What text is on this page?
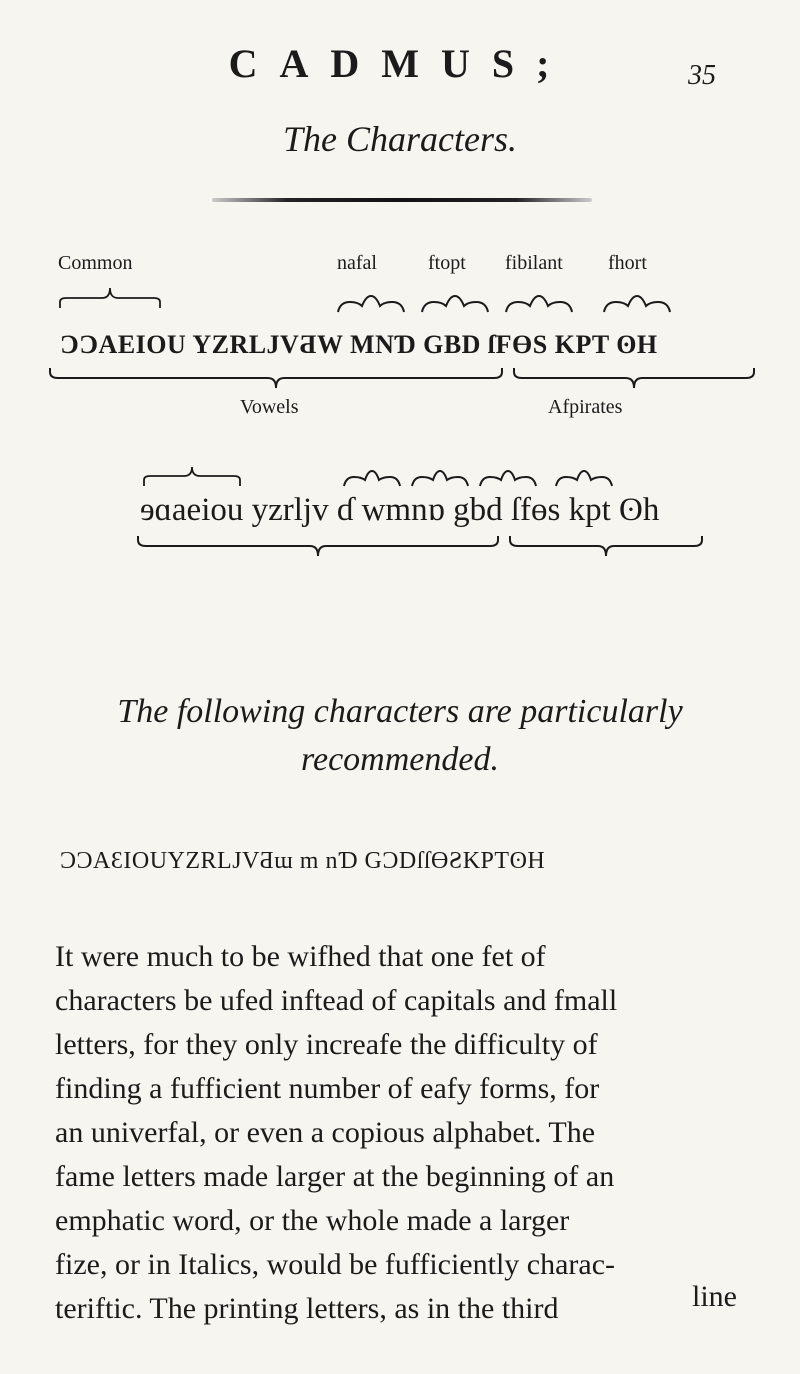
CADMUS;	35
The Characters.
Common	nafal	ftopt fibilant fhort
ƆƆAEIOU YZRLJVƋW MNƊ GBD ſFƟS KPT ʘH
Vowels	Afpirates
ɘɑaeiou yzrljv ɗ wmnɒ gbd ſfɵs kpt ʘh
The following characters are particularly
recommended.
ƆƆAƐIOUYZRLJVƋɯ m nƊ GƆDſſƟƧKPTʘH
It were much to be wifhed that one fet of
characters be ufed inftead of capitals and fmall
letters, for they only increafe the difficulty of
finding a fufficient number of eafy forms, for
an univerfal, or even a copious alphabet. The
fame letters made larger at the beginning of an
emphatic word, or the whole made a larger
fize, or in Italics, would be fufficiently charac-
teriftic. The printing letters, as in the third	line
